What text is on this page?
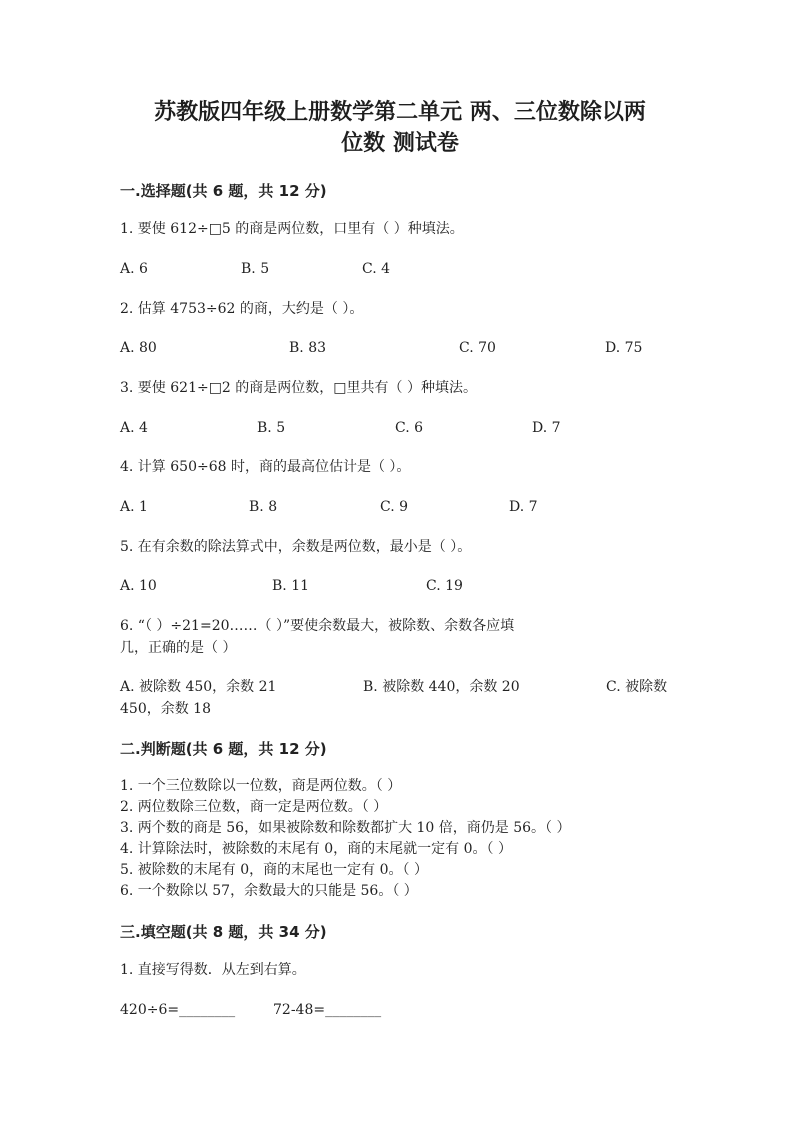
苏教版四年级上册数学第二单元 两、三位数除以两
位数 测试卷
一.选择题(共 6 题，共 12 分)
1. 要使 612÷□5 的商是两位数，口里有（ ）种填法。
A. 6	B. 5	C. 4
2. 估算 4753÷62 的商，大约是（ ）。
A. 80	B. 83	C. 70	D. 75
3. 要使 621÷□2 的商是两位数，□里共有（ ）种填法。
A. 4	B. 5	C. 6	D. 7
4. 计算 650÷68 时，商的最高位估计是（ ）。
A. 1	B. 8	C. 9	D. 7
5. 在有余数的除法算式中，余数是两位数，最小是（ ）。
A. 10	B. 11	C. 19
6. “（ ）÷21=20……（ ）”要使余数最大，被除数、余数各应填
几，正确的是（ ）
A. 被除数 450，余数 21	B. 被除数 440，余数 20	C. 被除数
450，余数 18
二.判断题(共 6 题，共 12 分)
1. 一个三位数除以一位数，商是两位数。（ ）
2. 两位数除三位数，商一定是两位数。（ ）
3. 两个数的商是 56，如果被除数和除数都扩大 10 倍，商仍是 56。（ ）
4. 计算除法时，被除数的末尾有 0，商的末尾就一定有 0。（ ）
5. 被除数的末尾有 0，商的末尾也一定有 0。（ ）
6. 一个数除以 57，余数最大的只能是 56。（ ）
三.填空题(共 8 题，共 34 分)
1. 直接写得数．从左到右算。
420÷6=________	72-48=________
